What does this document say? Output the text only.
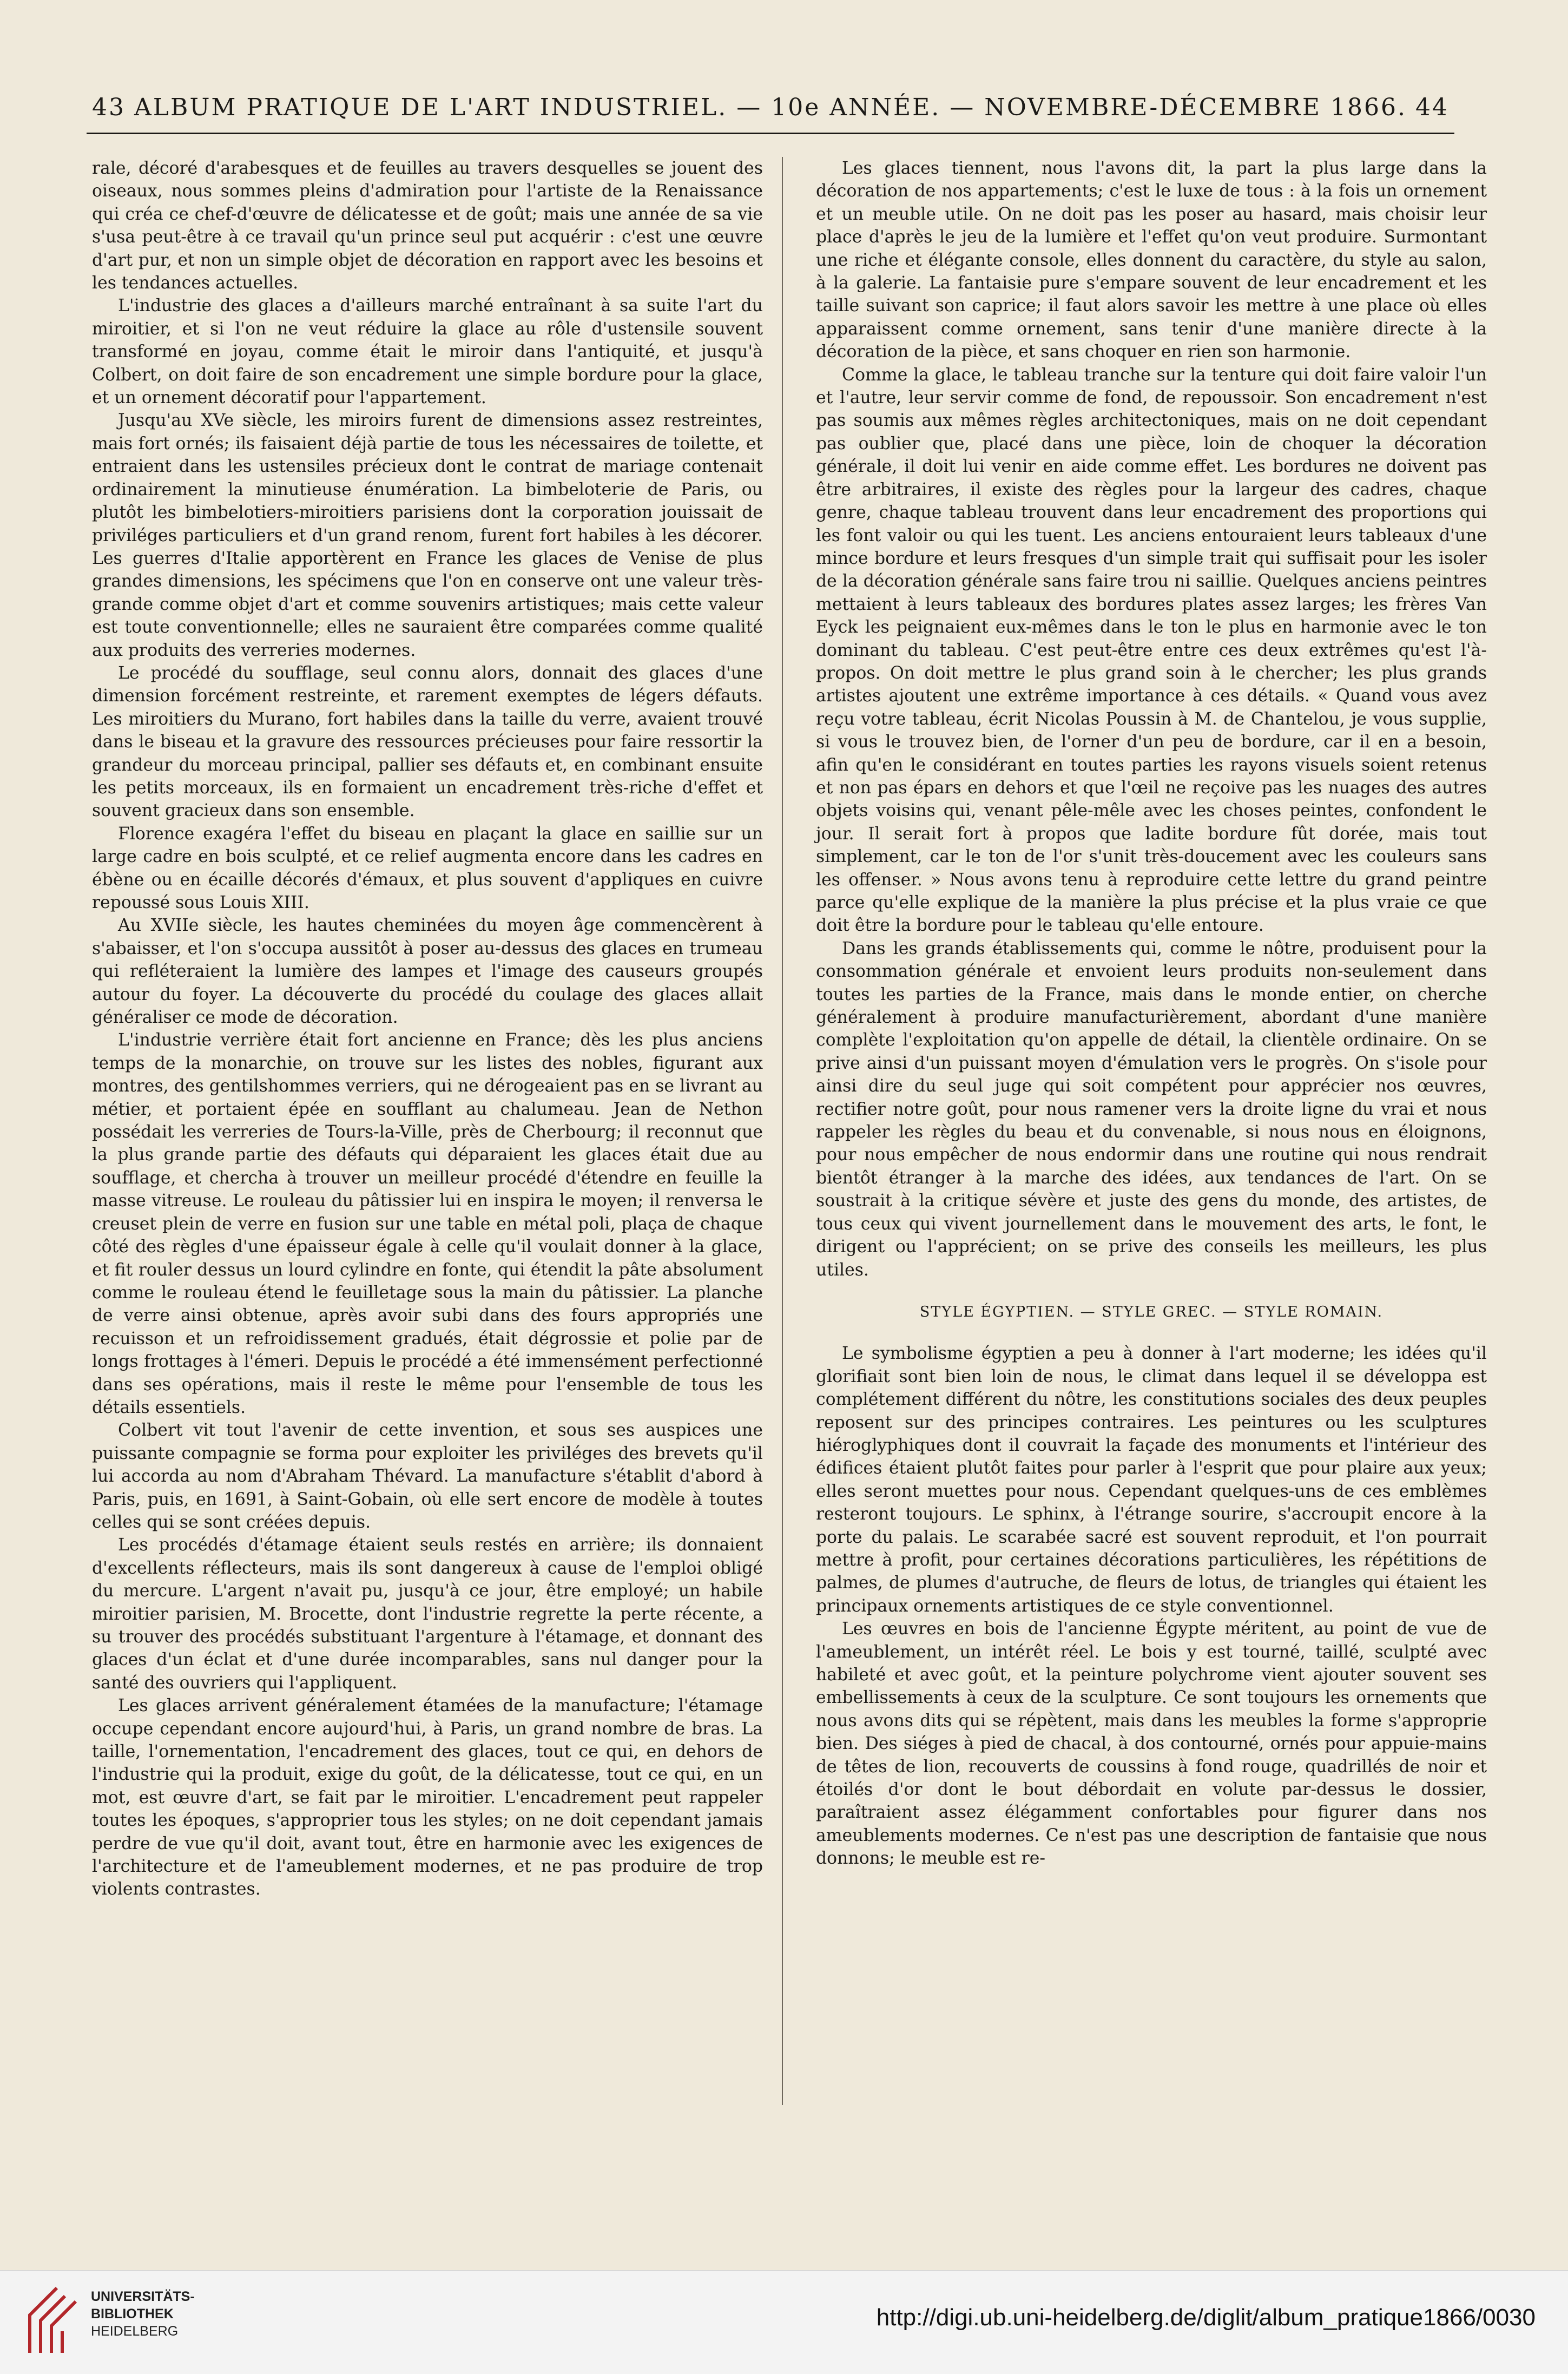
43 ALBUM PRATIQUE DE L'ART INDUSTRIEL. — 10e ANNÉE. — NOVEMBRE-DÉCEMBRE 1866. 44

rale, décoré d'arabesques et de feuilles au travers desquelles se jouent des oiseaux, nous sommes pleins d'admiration pour l'artiste de la Renaissance qui créa ce chef-d'œuvre de délicatesse et de goût; mais une année de sa vie s'usa peut-être à ce travail qu'un prince seul put acquérir : c'est une œuvre d'art pur, et non un simple objet de décoration en rapport avec les besoins et les tendances actuelles.

L'industrie des glaces a d'ailleurs marché entraînant à sa suite l'art du miroitier, et si l'on ne veut réduire la glace au rôle d'ustensile souvent transformé en joyau, comme était le miroir dans l'antiquité, et jusqu'à Colbert, on doit faire de son encadrement une simple bordure pour la glace, et un ornement décoratif pour l'appartement.

Jusqu'au XVe siècle, les miroirs furent de dimensions assez restreintes, mais fort ornés; ils faisaient déjà partie de tous les nécessaires de toilette, et entraient dans les ustensiles précieux dont le contrat de mariage contenait ordinairement la minutieuse énumération. La bimbeloterie de Paris, ou plutôt les bimbelotiers-miroitiers parisiens dont la corporation jouissait de priviléges particuliers et d'un grand renom, furent fort habiles à les décorer. Les guerres d'Italie apportèrent en France les glaces de Venise de plus grandes dimensions, les spécimens que l'on en conserve ont une valeur très-grande comme objet d'art et comme souvenirs artistiques; mais cette valeur est toute conventionnelle; elles ne sauraient être comparées comme qualité aux produits des verreries modernes.

Le procédé du soufflage, seul connu alors, donnait des glaces d'une dimension forcément restreinte, et rarement exemptes de légers défauts. Les miroitiers du Murano, fort habiles dans la taille du verre, avaient trouvé dans le biseau et la gravure des ressources précieuses pour faire ressortir la grandeur du morceau principal, pallier ses défauts et, en combinant ensuite les petits morceaux, ils en formaient un encadrement très-riche d'effet et souvent gracieux dans son ensemble.

Florence exagéra l'effet du biseau en plaçant la glace en saillie sur un large cadre en bois sculpté, et ce relief augmenta encore dans les cadres en ébène ou en écaille décorés d'émaux, et plus souvent d'appliques en cuivre repoussé sous Louis XIII.

Au XVIIe siècle, les hautes cheminées du moyen âge commencèrent à s'abaisser, et l'on s'occupa aussitôt à poser au-dessus des glaces en trumeau qui refléteraient la lumière des lampes et l'image des causeurs groupés autour du foyer. La découverte du procédé du coulage des glaces allait généraliser ce mode de décoration.

L'industrie verrière était fort ancienne en France; dès les plus anciens temps de la monarchie, on trouve sur les listes des nobles, figurant aux montres, des gentilshommes verriers, qui ne dérogeaient pas en se livrant au métier, et portaient épée en soufflant au chalumeau. Jean de Nethon possédait les verreries de Tours-la-Ville, près de Cherbourg; il reconnut que la plus grande partie des défauts qui déparaient les glaces était due au soufflage, et chercha à trouver un meilleur procédé d'étendre en feuille la masse vitreuse. Le rouleau du pâtissier lui en inspira le moyen; il renversa le creuset plein de verre en fusion sur une table en métal poli, plaça de chaque côté des règles d'une épaisseur égale à celle qu'il voulait donner à la glace, et fit rouler dessus un lourd cylindre en fonte, qui étendit la pâte absolument comme le rouleau étend le feuilletage sous la main du pâtissier. La planche de verre ainsi obtenue, après avoir subi dans des fours appropriés une recuisson et un refroidissement gradués, était dégrossie et polie par de longs frottages à l'émeri. Depuis le procédé a été immensément perfectionné dans ses opérations, mais il reste le même pour l'ensemble de tous les détails essentiels.

Colbert vit tout l'avenir de cette invention, et sous ses auspices une puissante compagnie se forma pour exploiter les priviléges des brevets qu'il lui accorda au nom d'Abraham Thévard. La manufacture s'établit d'abord à Paris, puis, en 1691, à Saint-Gobain, où elle sert encore de modèle à toutes celles qui se sont créées depuis.

Les procédés d'étamage étaient seuls restés en arrière; ils donnaient d'excellents réflecteurs, mais ils sont dangereux à cause de l'emploi obligé du mercure. L'argent n'avait pu, jusqu'à ce jour, être employé; un habile miroitier parisien, M. Brocette, dont l'industrie regrette la perte récente, a su trouver des procédés substituant l'argenture à l'étamage, et donnant des glaces d'un éclat et d'une durée incomparables, sans nul danger pour la santé des ouvriers qui l'appliquent.

Les glaces arrivent généralement étamées de la manufacture; l'étamage occupe cependant encore aujourd'hui, à Paris, un grand nombre de bras. La taille, l'ornementation, l'encadrement des glaces, tout ce qui, en dehors de l'industrie qui la produit, exige du goût, de la délicatesse, tout ce qui, en un mot, est œuvre d'art, se fait par le miroitier. L'encadrement peut rappeler toutes les époques, s'approprier tous les styles; on ne doit cependant jamais perdre de vue qu'il doit, avant tout, être en harmonie avec les exigences de l'architecture et de l'ameublement modernes, et ne pas produire de trop violents contrastes.

Les glaces tiennent, nous l'avons dit, la part la plus large dans la décoration de nos appartements; c'est le luxe de tous : à la fois un ornement et un meuble utile. On ne doit pas les poser au hasard, mais choisir leur place d'après le jeu de la lumière et l'effet qu'on veut produire. Surmontant une riche et élégante console, elles donnent du caractère, du style au salon, à la galerie. La fantaisie pure s'empare souvent de leur encadrement et les taille suivant son caprice; il faut alors savoir les mettre à une place où elles apparaissent comme ornement, sans tenir d'une manière directe à la décoration de la pièce, et sans choquer en rien son harmonie.

Comme la glace, le tableau tranche sur la tenture qui doit faire valoir l'un et l'autre, leur servir comme de fond, de repoussoir. Son encadrement n'est pas soumis aux mêmes règles architectoniques, mais on ne doit cependant pas oublier que, placé dans une pièce, loin de choquer la décoration générale, il doit lui venir en aide comme effet. Les bordures ne doivent pas être arbitraires, il existe des règles pour la largeur des cadres, chaque genre, chaque tableau trouvent dans leur encadrement des proportions qui les font valoir ou qui les tuent. Les anciens entouraient leurs tableaux d'une mince bordure et leurs fresques d'un simple trait qui suffisait pour les isoler de la décoration générale sans faire trou ni saillie. Quelques anciens peintres mettaient à leurs tableaux des bordures plates assez larges; les frères Van Eyck les peignaient eux-mêmes dans le ton le plus en harmonie avec le ton dominant du tableau. C'est peut-être entre ces deux extrêmes qu'est l'à-propos. On doit mettre le plus grand soin à le chercher; les plus grands artistes ajoutent une extrême importance à ces détails. « Quand vous avez reçu votre tableau, écrit Nicolas Poussin à M. de Chantelou, je vous supplie, si vous le trouvez bien, de l'orner d'un peu de bordure, car il en a besoin, afin qu'en le considérant en toutes parties les rayons visuels soient retenus et non pas épars en dehors et que l'œil ne reçoive pas les nuages des autres objets voisins qui, venant pêle-mêle avec les choses peintes, confondent le jour. Il serait fort à propos que ladite bordure fût dorée, mais tout simplement, car le ton de l'or s'unit très-doucement avec les couleurs sans les offenser. » Nous avons tenu à reproduire cette lettre du grand peintre parce qu'elle explique de la manière la plus précise et la plus vraie ce que doit être la bordure pour le tableau qu'elle entoure.

Dans les grands établissements qui, comme le nôtre, produisent pour la consommation générale et envoient leurs produits non-seulement dans toutes les parties de la France, mais dans le monde entier, on cherche généralement à produire manufacturièrement, abordant d'une manière complète l'exploitation qu'on appelle de détail, la clientèle ordinaire. On se prive ainsi d'un puissant moyen d'émulation vers le progrès. On s'isole pour ainsi dire du seul juge qui soit compétent pour apprécier nos œuvres, rectifier notre goût, pour nous ramener vers la droite ligne du vrai et nous rappeler les règles du beau et du convenable, si nous nous en éloignons, pour nous empêcher de nous endormir dans une routine qui nous rendrait bientôt étranger à la marche des idées, aux tendances de l'art. On se soustrait à la critique sévère et juste des gens du monde, des artistes, de tous ceux qui vivent journellement dans le mouvement des arts, le font, le dirigent ou l'apprécient; on se prive des conseils les meilleurs, les plus utiles.

STYLE ÉGYPTIEN. — STYLE GREC. — STYLE ROMAIN.

Le symbolisme égyptien a peu à donner à l'art moderne; les idées qu'il glorifiait sont bien loin de nous, le climat dans lequel il se développa est complétement différent du nôtre, les constitutions sociales des deux peuples reposent sur des principes contraires. Les peintures ou les sculptures hiéroglyphiques dont il couvrait la façade des monuments et l'intérieur des édifices étaient plutôt faites pour parler à l'esprit que pour plaire aux yeux; elles seront muettes pour nous. Cependant quelques-uns de ces emblèmes resteront toujours. Le sphinx, à l'étrange sourire, s'accroupit encore à la porte du palais. Le scarabée sacré est souvent reproduit, et l'on pourrait mettre à profit, pour certaines décorations particulières, les répétitions de palmes, de plumes d'autruche, de fleurs de lotus, de triangles qui étaient les principaux ornements artistiques de ce style conventionnel.

Les œuvres en bois de l'ancienne Égypte méritent, au point de vue de l'ameublement, un intérêt réel. Le bois y est tourné, taillé, sculpté avec habileté et avec goût, et la peinture polychrome vient ajouter souvent ses embellissements à ceux de la sculpture. Ce sont toujours les ornements que nous avons dits qui se répètent, mais dans les meubles la forme s'approprie bien. Des siéges à pied de chacal, à dos contourné, ornés pour appuie-mains de têtes de lion, recouverts de coussins à fond rouge, quadrillés de noir et étoilés d'or dont le bout débordait en volute par-dessus le dossier, paraîtraient assez élégamment confortables pour figurer dans nos ameublements modernes. Ce n'est pas une description de fantaisie que nous donnons; le meuble est re-

UNIVERSITÄTS-
BIBLIOTHEK
HEIDELBERG
http://digi.ub.uni-heidelberg.de/diglit/album_pratique1866/0030
